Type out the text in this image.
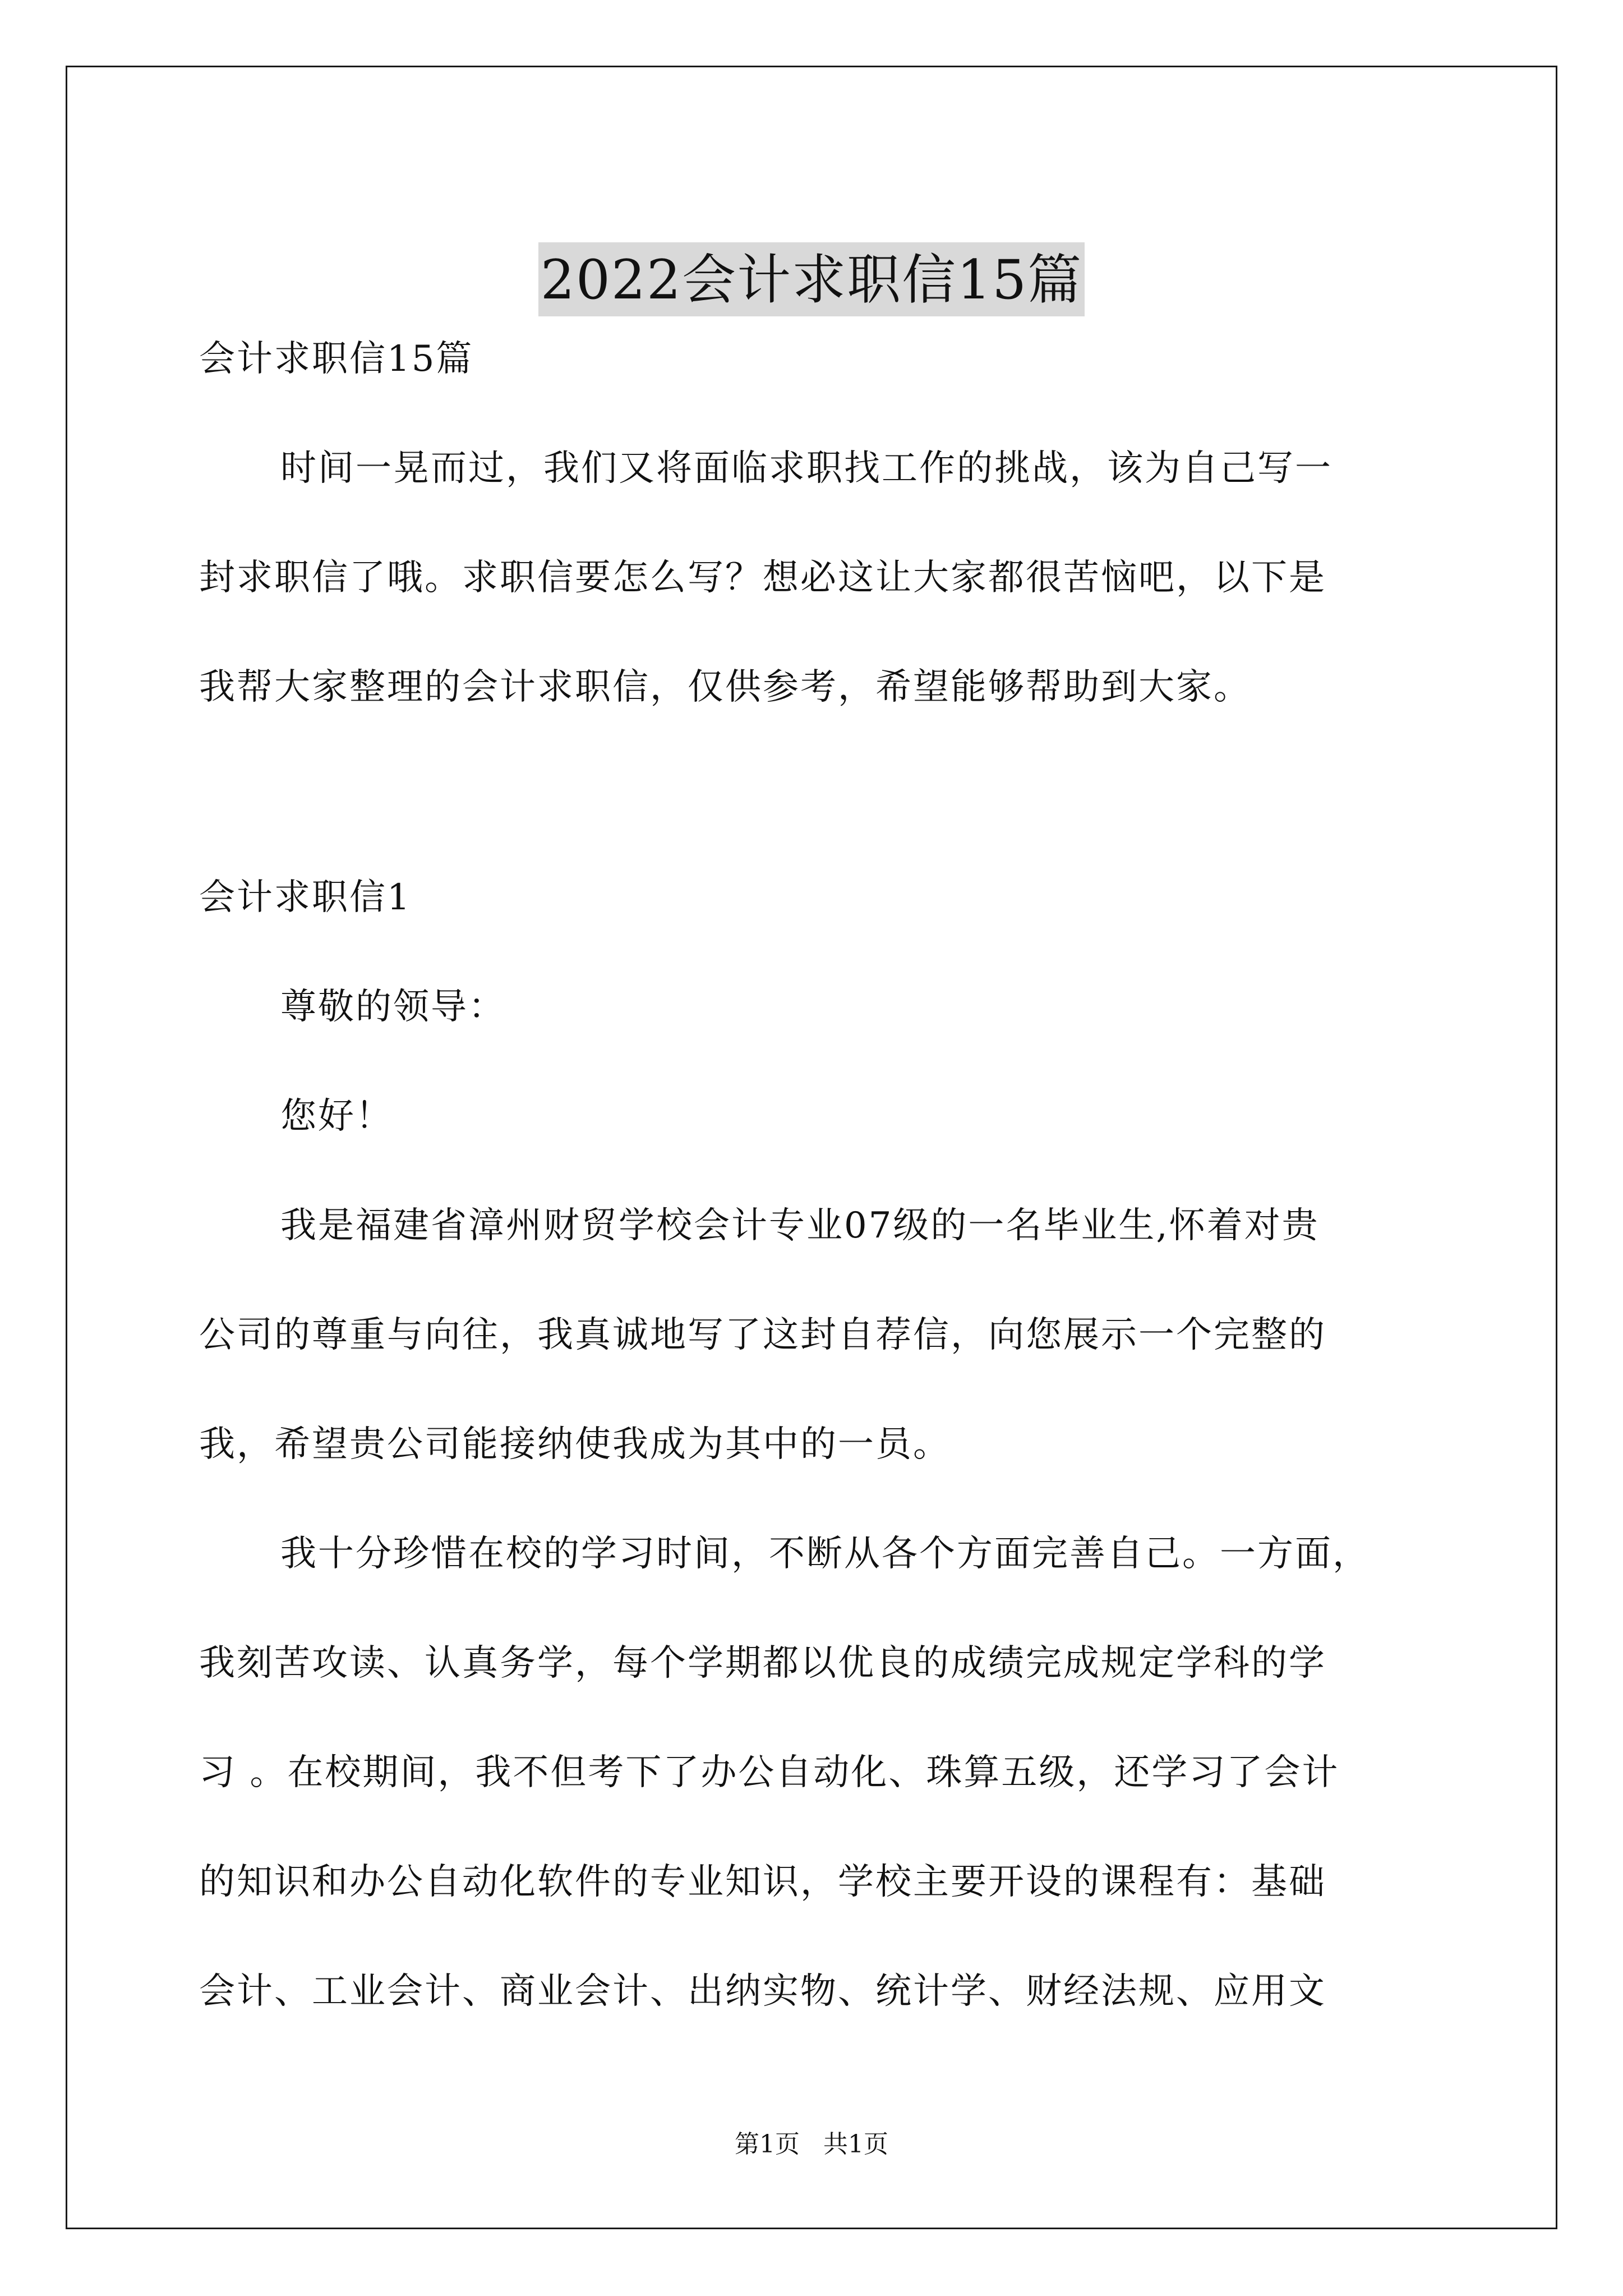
2022会计求职信15篇
会计求职信15篇
时间一晃而过，我们又将面临求职找工作的挑战，该为自己写一
封求职信了哦。求职信要怎么写？想必这让大家都很苦恼吧，以下是
我帮大家整理的会计求职信，仅供参考，希望能够帮助到大家。
会计求职信1
尊敬的领导：
您好！
我是福建省漳州财贸学校会计专业07级的一名毕业生,怀着对贵
公司的尊重与向往，我真诚地写了这封自荐信，向您展示一个完整的
我，希望贵公司能接纳使我成为其中的一员。
我十分珍惜在校的学习时间，不断从各个方面完善自己。一方面，
我刻苦攻读、认真务学，每个学期都以优良的成绩完成规定学科的学
习 。在校期间，我不但考下了办公自动化、珠算五级，还学习了会计
的知识和办公自动化软件的专业知识，学校主要开设的课程有：基础
会计、工业会计、商业会计、出纳实物、统计学、财经法规、应用文
第1页   共1页
